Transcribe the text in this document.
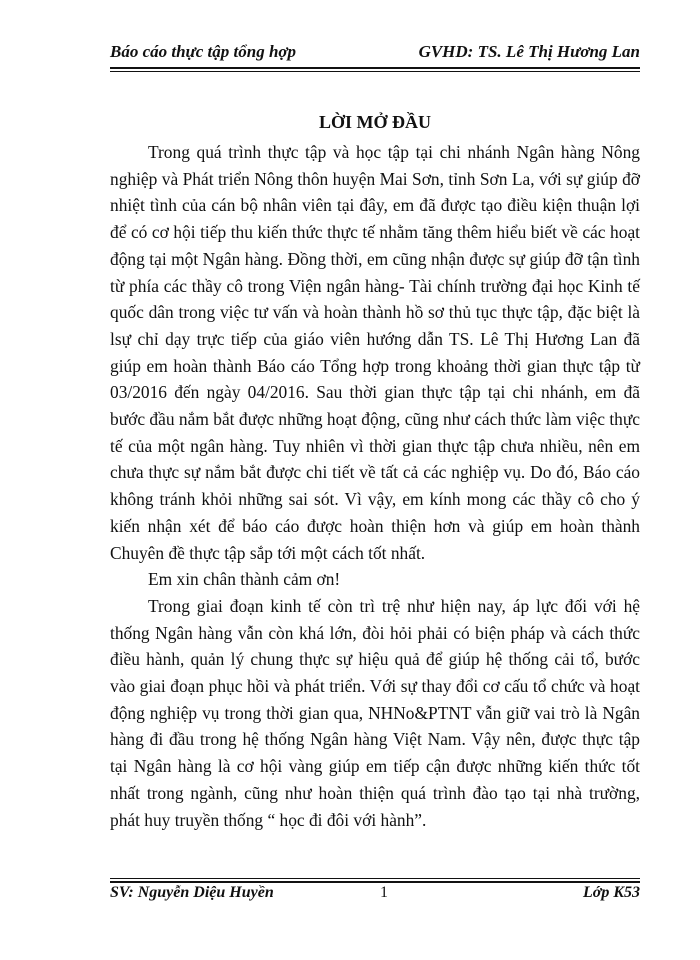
Báo cáo thực tập tổng hợp	GVHD: TS. Lê Thị Hương Lan
LỜI MỞ ĐẦU

Trong quá trình thực tập và học tập tại chi nhánh Ngân hàng Nông nghiệp và Phát triển Nông thôn huyện Mai Sơn, tỉnh Sơn La, với sự giúp đỡ nhiệt tình của cán bộ nhân viên tại đây, em đã được tạo điều kiện thuận lợi để có cơ hội tiếp thu kiến thức thực tế nhằm tăng thêm hiểu biết về các hoạt động tại một Ngân hàng. Đồng thời, em cũng nhận được sự giúp đỡ tận tình từ phía các thầy cô trong Viện ngân hàng- Tài chính trường đại học Kinh tế quốc dân trong việc tư vấn và hoàn thành hồ sơ thủ tục thực tập, đặc biệt là lsự chỉ dạy trực tiếp của giáo viên hướng dẫn TS. Lê Thị Hương Lan đã giúp em hoàn thành Báo cáo Tổng hợp trong khoảng thời gian thực tập từ 03/2016 đến ngày 04/2016. Sau thời gian thực tập tại chi nhánh, em đã bước đầu nắm bắt được những hoạt động, cũng như cách thức làm việc thực tế của một ngân hàng. Tuy nhiên vì thời gian thực tập chưa nhiều, nên em chưa thực sự nắm bắt được chi tiết về tất cả các nghiệp vụ. Do đó, Báo cáo không tránh khỏi những sai sót. Vì vậy, em kính mong các thầy cô cho ý kiến nhận xét để báo cáo được hoàn thiện hơn và giúp em hoàn thành Chuyên đề thực tập sắp tới một cách tốt nhất.

Em xin chân thành cảm ơn!

Trong giai đoạn kinh tế còn trì trệ như hiện nay, áp lực đối với hệ thống Ngân hàng vẫn còn khá lớn, đòi hỏi phải có biện pháp và cách thức điều hành, quản lý chung thực sự hiệu quả để giúp hệ thống cải tổ, bước vào giai đoạn phục hồi và phát triển. Với sự thay đổi cơ cấu tổ chức và hoạt động nghiệp vụ trong thời gian qua, NHNo&PTNT vẫn giữ vai trò là Ngân hàng đi đầu trong hệ thống Ngân hàng Việt Nam. Vậy nên, được thực tập tại Ngân hàng là cơ hội vàng giúp em tiếp cận được những kiến thức tốt nhất trong ngành, cũng như hoàn thiện quá trình đào tạo tại nhà trường, phát huy truyền thống “ học đi đôi với hành”.

SV: Nguyễn Diệu Huyền	1	Lớp K53
